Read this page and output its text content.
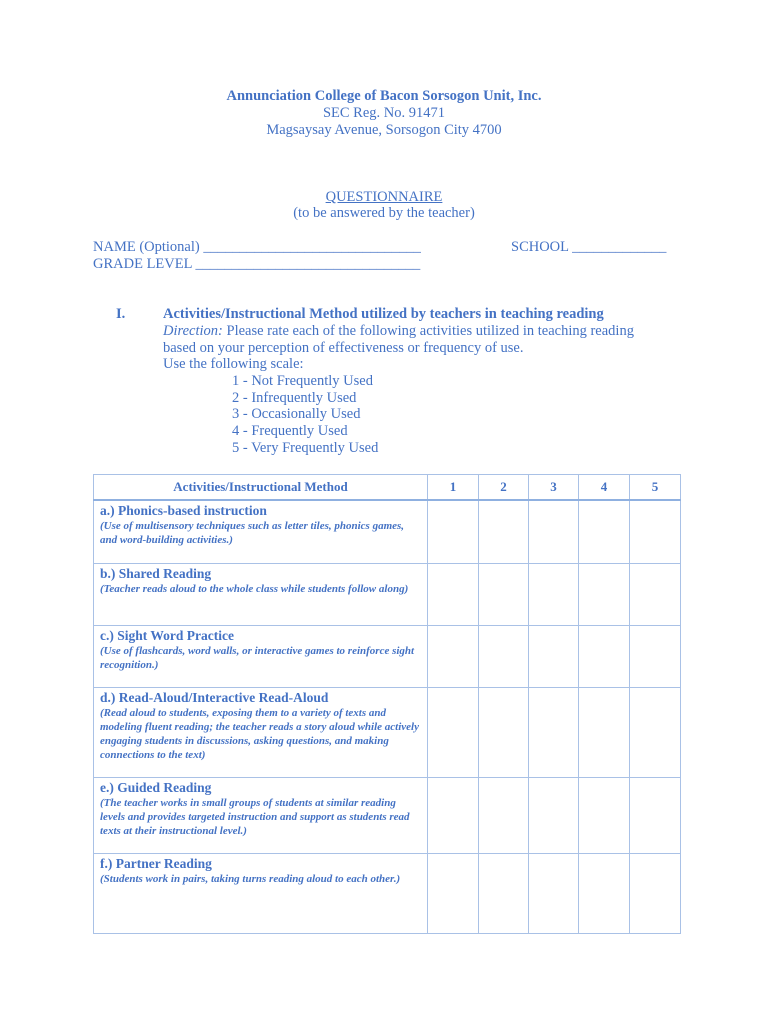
Annunciation College of Bacon Sorsogon Unit, Inc.
SEC Reg. No. 91471
Magsaysay Avenue, Sorsogon City 4700
QUESTIONNAIRE
(to be answered by the teacher)
NAME (Optional) ______________________________	SCHOOL _____________
GRADE LEVEL _______________________________
I.	Activities/Instructional Method utilized by teachers in teaching reading
Direction: Please rate each of the following activities utilized in teaching reading
based on your perception of effectiveness or frequency of use.
Use the following scale:
1 - Not Frequently Used
2 - Infrequently Used
3 - Occasionally Used
4 - Frequently Used
5 - Very Frequently Used
Activities/Instructional Method	1	2	3	4	5

a.) Phonics-based instruction
(Use of multisensory techniques such as letter tiles, phonics games, and word-building activities.)					

b.) Shared Reading
(Teacher reads aloud to the whole class while students follow along)					

c.) Sight Word Practice
(Use of flashcards, word walls, or interactive games to reinforce sight recognition.)					

d.) Read-Aloud/Interactive Read-Aloud
(Read aloud to students, exposing them to a variety of texts and modeling fluent reading; the teacher reads a story aloud while actively engaging students in discussions, asking questions, and making connections to the text)					

e.) Guided Reading
(The teacher works in small groups of students at similar reading levels and provides targeted instruction and support as students read texts at their instructional level.)					

f.) Partner Reading
(Students work in pairs, taking turns reading aloud to each other.)					
